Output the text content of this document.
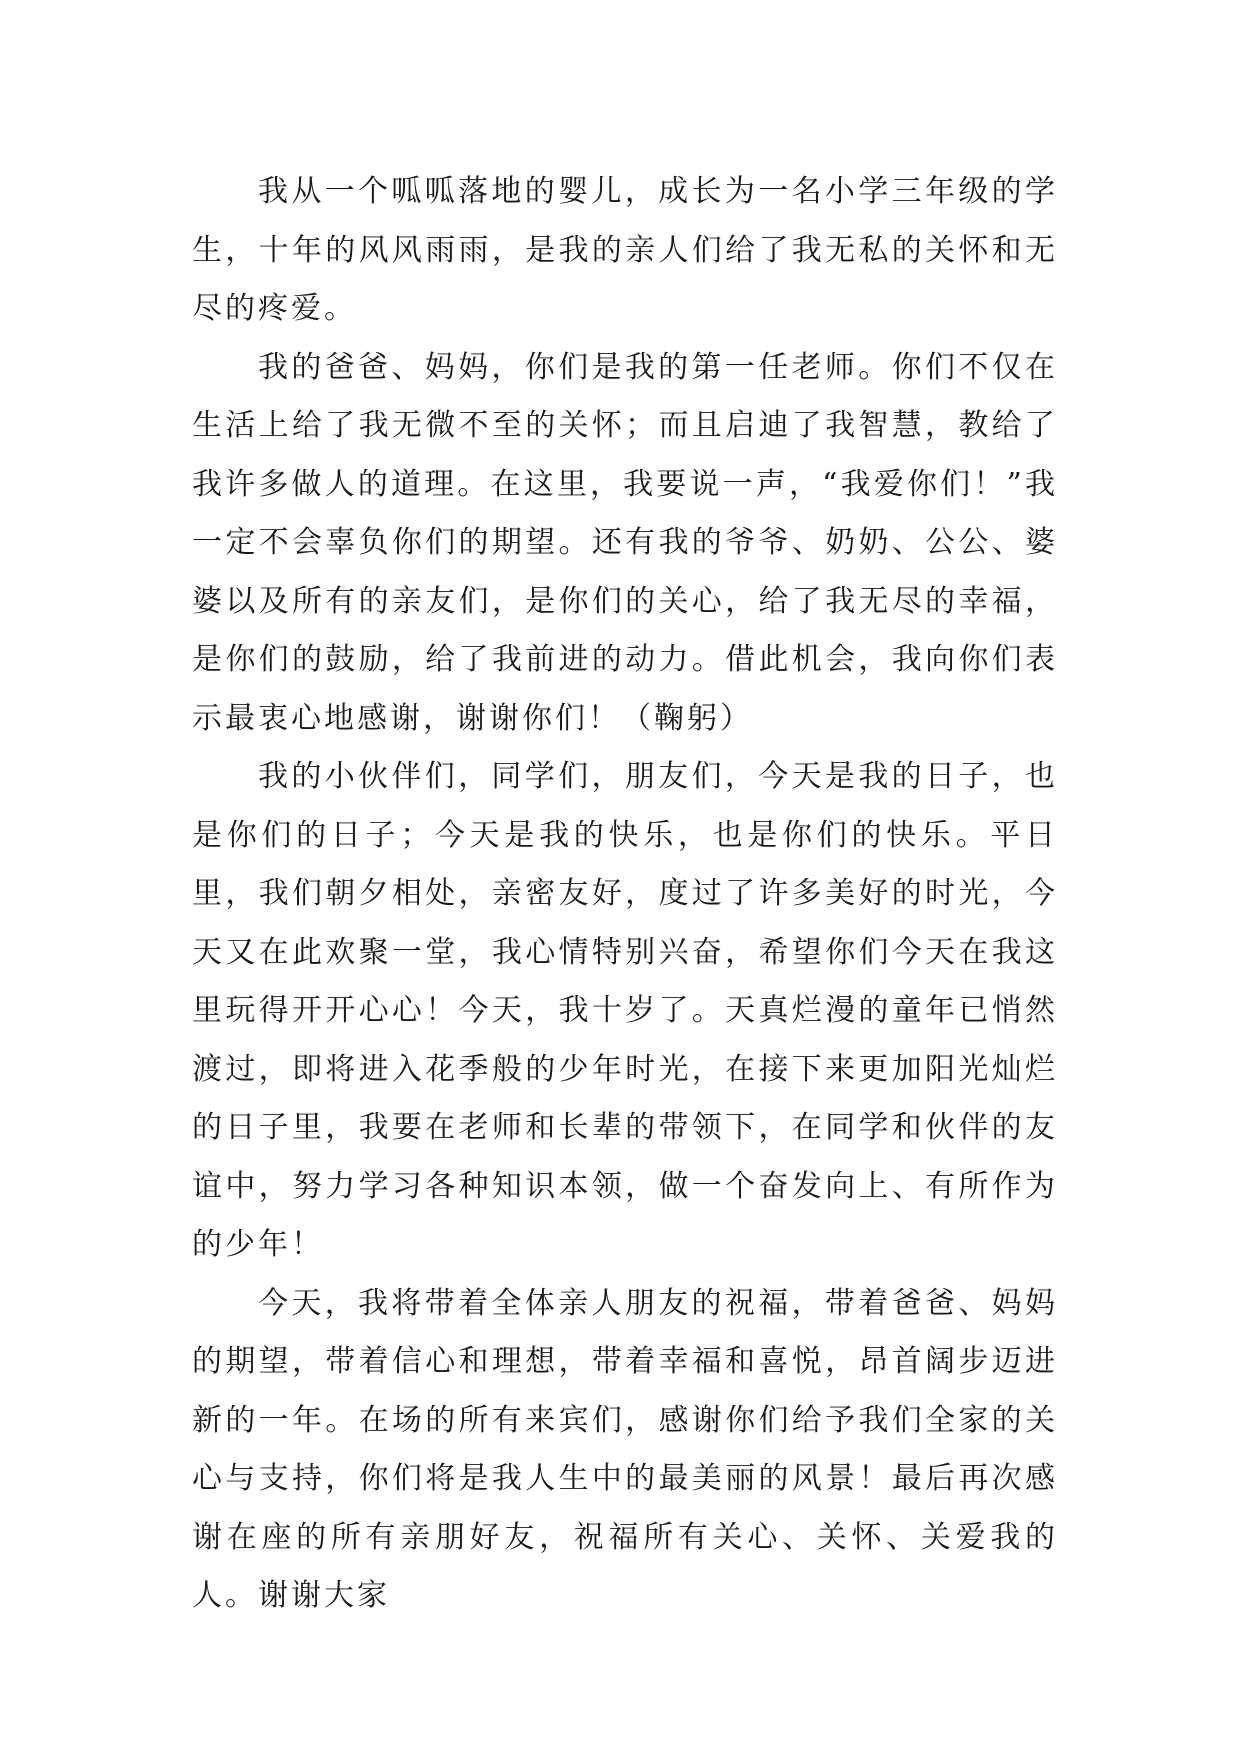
我从一个呱呱落地的婴儿，成长为一名小学三年级的学生，十年的风风雨雨，是我的亲人们给了我无私的关怀和无尽的疼爱。

我的爸爸、妈妈，你们是我的第一任老师。你们不仅在生活上给了我无微不至的关怀；而且启迪了我智慧，教给了我许多做人的道理。在这里，我要说一声，“我爱你们！”我一定不会辜负你们的期望。还有我的爷爷、奶奶、公公、婆婆以及所有的亲友们，是你们的关心，给了我无尽的幸福，是你们的鼓励，给了我前进的动力。借此机会，我向你们表示最衷心地感谢，谢谢你们！（鞠躬）

我的小伙伴们，同学们，朋友们，今天是我的日子，也是你们的日子；今天是我的快乐，也是你们的快乐。平日里，我们朝夕相处，亲密友好，度过了许多美好的时光，今天又在此欢聚一堂，我心情特别兴奋，希望你们今天在我这里玩得开开心心！今天，我十岁了。天真烂漫的童年已悄然渡过，即将进入花季般的少年时光，在接下来更加阳光灿烂的日子里，我要在老师和长辈的带领下，在同学和伙伴的友谊中，努力学习各种知识本领，做一个奋发向上、有所作为的少年！

今天，我将带着全体亲人朋友的祝福，带着爸爸、妈妈的期望，带着信心和理想，带着幸福和喜悦，昂首阔步迈进新的一年。在场的所有来宾们，感谢你们给予我们全家的关心与支持，你们将是我人生中的最美丽的风景！最后再次感谢在座的所有亲朋好友，祝福所有关心、关怀、关爱我的人。谢谢大家
